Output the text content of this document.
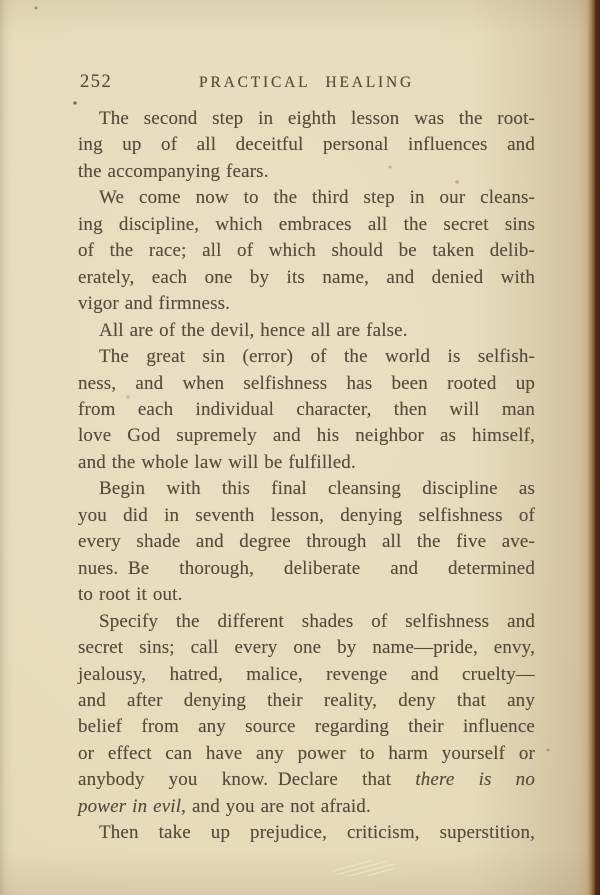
252	PRACTICAL HEALING
The second step in eighth lesson was the root-
ing up of all deceitful personal influences and
the accompanying fears.
We come now to the third step in our cleans-
ing discipline, which embraces all the secret sins
of the race; all of which should be taken delib-
erately, each one by its name, and denied with
vigor and firmness.
All are of the devil, hence all are false.
The great sin (error) of the world is selfish-
ness, and when selfishness has been rooted up
from each individual character, then will man
love God supremely and his neighbor as himself,
and the whole law will be fulfilled.
Begin with this final cleansing discipline as
you did in seventh lesson, denying selfishness of
every shade and degree through all the five ave-
nues. Be thorough, deliberate and determined
to root it out.
Specify the different shades of selfishness and
secret sins; call every one by name—pride, envy,
jealousy, hatred, malice, revenge and cruelty—
and after denying their reality, deny that any
belief from any source regarding their influence
or effect can have any power to harm yourself or
anybody you know. Declare that there is no
power in evil, and you are not afraid.
Then take up prejudice, criticism, superstition,
